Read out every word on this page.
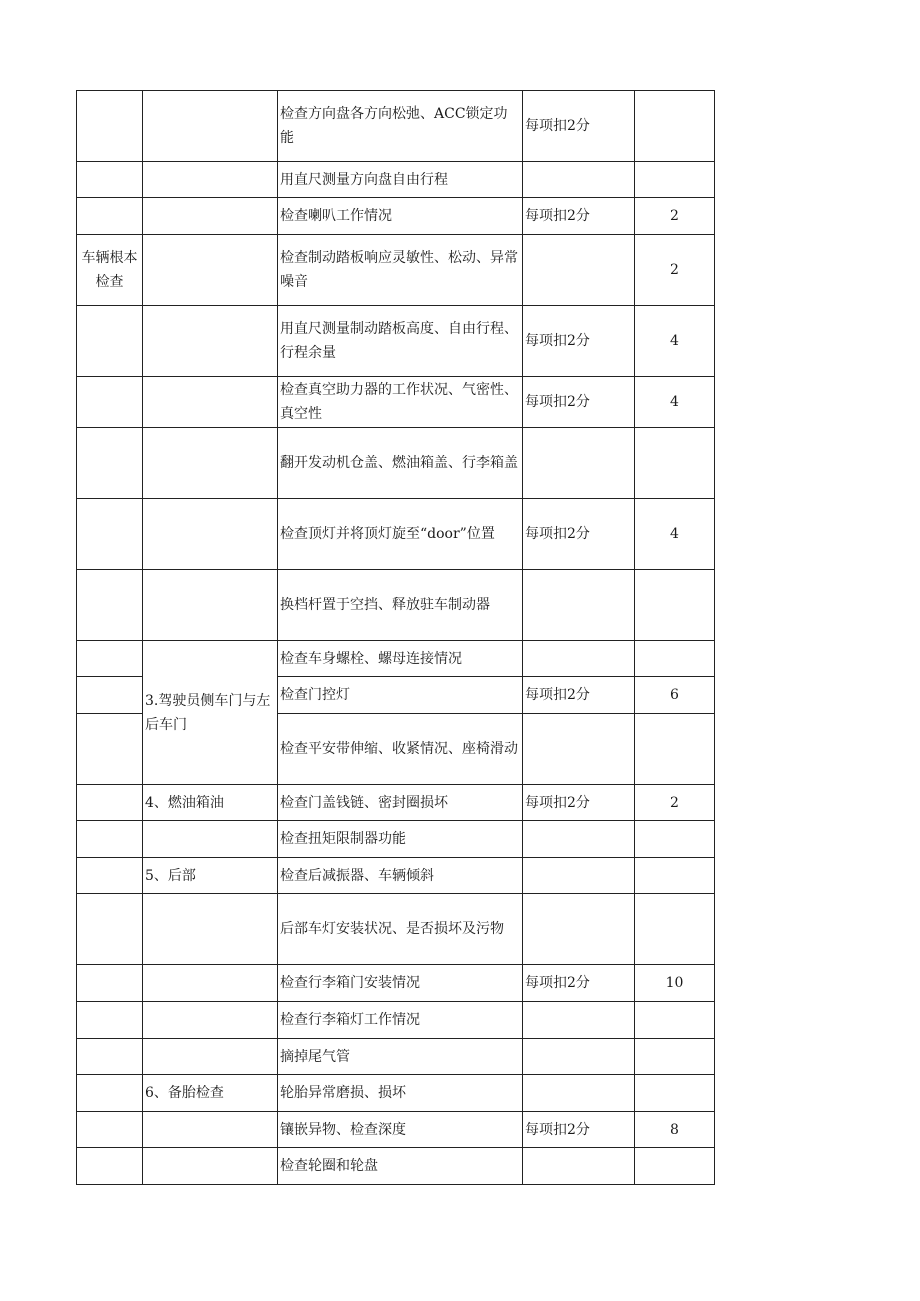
		检查方向盘各方向松弛、ACC锁定功能	每项扣2分	
		用直尺测量方向盘自由行程		
		检查喇叭工作情况	每项扣2分	2
车辆根本检查		检查制动踏板响应灵敏性、松动、异常噪音		2
		用直尺测量制动踏板高度、自由行程、行程余量	每项扣2分	4
		检查真空助力器的工作状况、气密性、真空性	每项扣2分	4
		翻开发动机仓盖、燃油箱盖、行李箱盖		
		检查顶灯并将顶灯旋至“door”位置	每项扣2分	4
		换档杆置于空挡、释放驻车制动器		
	3.驾驶员侧车门与左后车门	检查车身螺栓、螺母连接情况		
		检查门控灯	每项扣2分	6
		检查平安带伸缩、收紧情况、座椅滑动		
	4、燃油箱油	检查门盖钱链、密封圈损坏	每项扣2分	2
		检查扭矩限制器功能		
	5、后部	检查后减振器、车辆倾斜		
		后部车灯安装状况、是否损坏及污物		
		检查行李箱门安装情况	每项扣2分	10
		检查行李箱灯工作情况		
		摘掉尾气管		
	6、备胎检查	轮胎异常磨损、损坏		
		镶嵌异物、检查深度	每项扣2分	8
		检查轮圈和轮盘		
